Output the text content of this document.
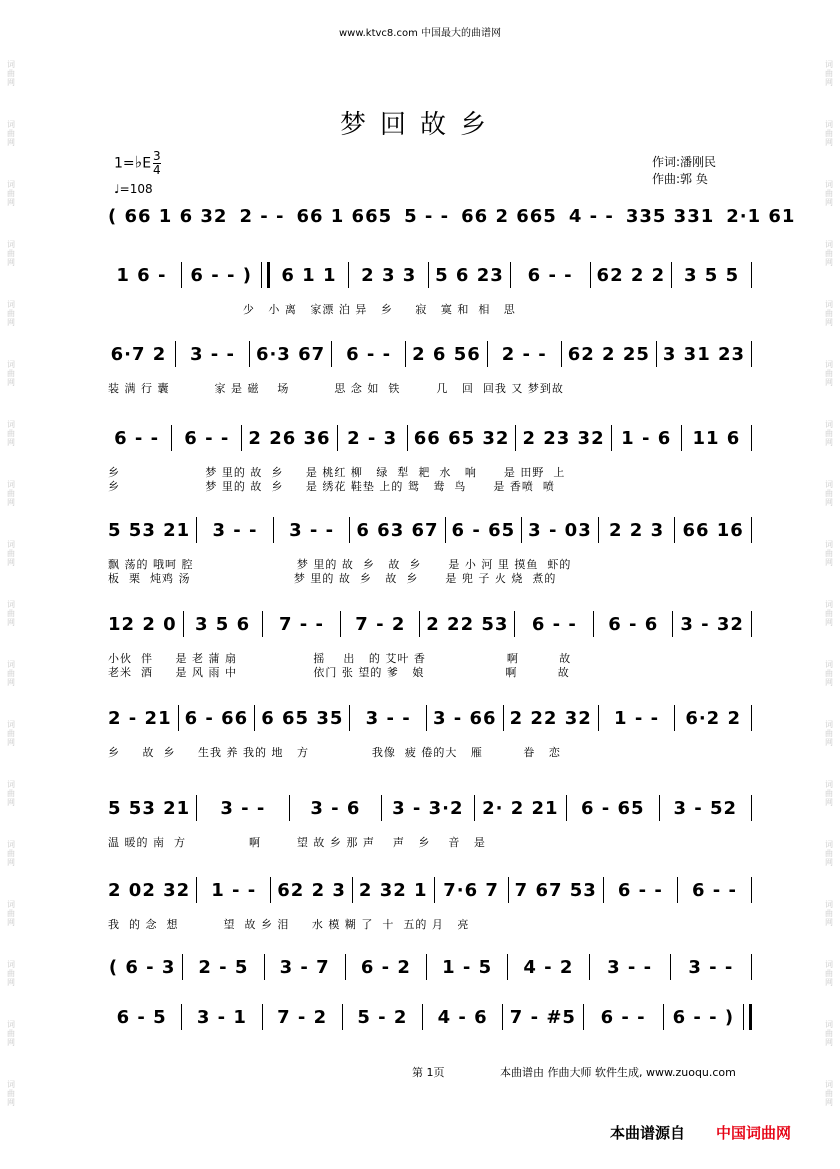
www.ktvc8.com 中国最大的曲谱网
梦回故乡
1=♭E $\frac{3}{4}$
♩=108
作词:潘刚民
作曲:郭 奂
词
曲
网
词
曲
网
词
曲
网
词
曲
网
词
曲
网
词
曲
网
词
曲
网
词
曲
网
词
曲
网
词
曲
网
词
曲
网
词
曲
网
词
曲
网
词
曲
网
词
曲
网
词
曲
网
词
曲
网
词
曲
网
词
曲
网
词
曲
网
词
曲
网
词
曲
网
词
曲
网
词
曲
网
词
曲
网
词
曲
网
词
曲
网
词
曲
网
词
曲
网
词
曲
网
词
曲
网
词
曲
网
词
曲
网
词
曲
网
词
曲
网
词
曲
网
( 66 1 6 32 2 - - 66 1 665 5 - - 66 2 665 4 - - 335 331 2·1 61
1 6 -	6 - - )	6 1 1	2 3 3	5 6 23	6 - -	62 2 2	3 5 5
少   小 离   家漂 泊 异   乡     寂   寞 和  相   思
6·7 2	3 - -	6·3 67	6 - -	2 6 56	2 - -	62 2 25 3 31 23
装 满 行 囊          家 是 磁    场          思 念 如  铁        几   回  回我 又 梦到故
6 - -	6 - -	2 26 36 2 - 3 66 65 32 2 23 32 1 - 6 11 6
乡                   梦 里的 故  乡     是 桃红 柳   绿  犁  耙  水   响      是 田野  上
乡                   梦 里的 故  乡     是 绣花 鞋垫 上的 鸳   鸯  鸟      是 香喷  喷
5 53 21	3 - -	3 - -	6 63 67 6 - 65 3 - 03 2 2 3 66 16
飘 荡的 哦呵 腔                       梦 里的 故  乡   故  乡      是 小 河 里 摸鱼  虾的
板  栗  炖鸡 汤                       梦 里的 故  乡   故  乡      是 兜 子 火 烧  煮的
12 2 0 3 5 6	7 - -	7 - 2	2 22 53	6 - -	6 - 6	3 - 32
小伙  伴     是 老 蒲 扇                 摇    出   的 艾叶 香                  啊         故
老米  酒     是 风 雨 中                 依门 张 望的 爹   娘                  啊         故
2 - 21 6 - 66 6 65 35	3 - -	3 - 66 2 22 32	1 - -	6·2 2
乡     故  乡     生我 养 我的 地   方              我像  疲 倦的大   雁         眷   恋
5 53 21	3 - -	3 - 6	3 - 3·2 2· 2 21	6 - 65	3 - 52
温 暖的 南  方              啊        望 故 乡 那 声    声   乡    音   是
2 02 32	1 - -	62 2 3 2 32 1 7·6 7 7 67 53	6 - -	6 - -
我  的 念  想          望  故 乡 泪     水 模 糊 了  十  五的 月   亮
( 6 - 3	2 - 5	3 - 7	6 - 2	1 - 5	4 - 2	3 - -	3 - -
6 - 5	3 - 1	7 - 2	5 - 2	4 - 6	7 - #5	6 - -	6 - - )
第 1页	本曲谱由 作曲大师 软件生成, www.zuoqu.com
本曲谱源自 中国词曲网
